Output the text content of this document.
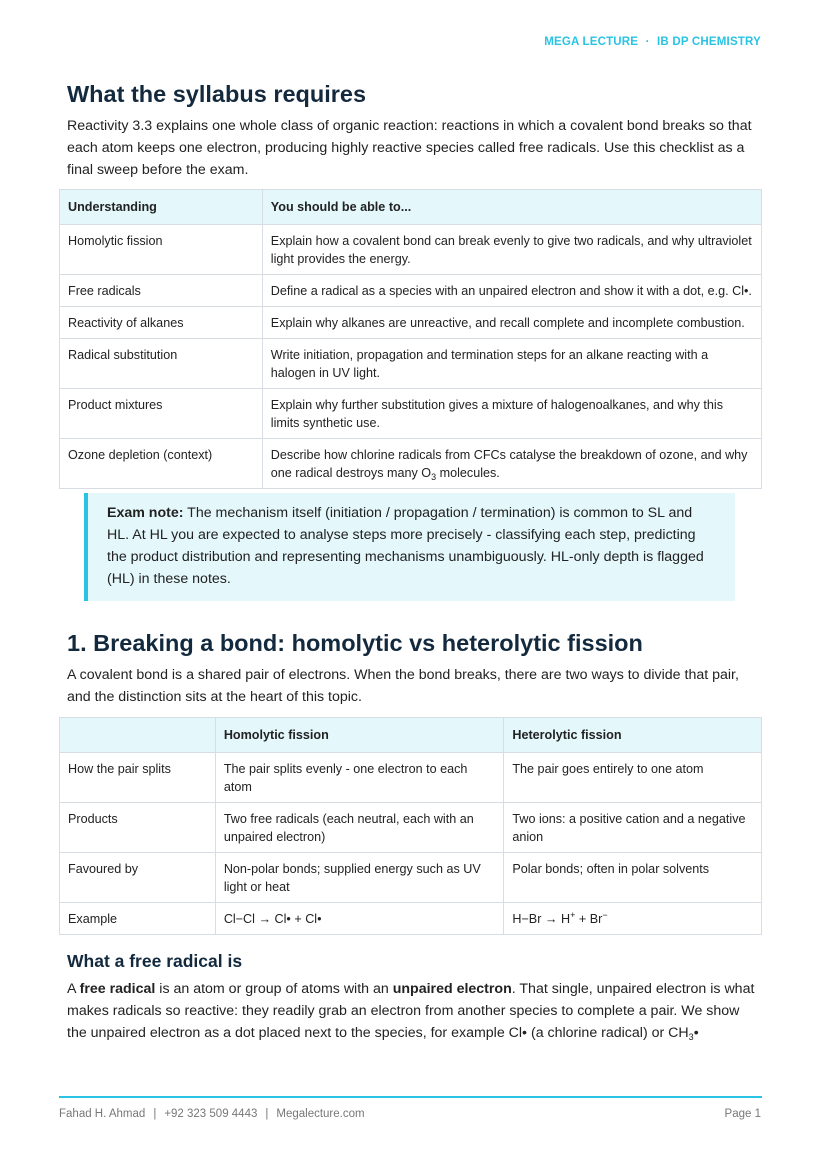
MEGA LECTURE · IB DP CHEMISTRY
What the syllabus requires

Reactivity 3.3 explains one whole class of organic reaction: reactions in which a covalent bond breaks so that each atom keeps one electron, producing highly reactive species called free radicals. Use this checklist as a final sweep before the exam.

Understanding	You should be able to...
Homolytic fission	Explain how a covalent bond can break evenly to give two radicals, and why ultraviolet light provides the energy.
Free radicals	Define a radical as a species with an unpaired electron and show it with a dot, e.g. Cl•.
Reactivity of alkanes	Explain why alkanes are unreactive, and recall complete and incomplete combustion.
Radical substitution	Write initiation, propagation and termination steps for an alkane reacting with a halogen in UV light.
Product mixtures	Explain why further substitution gives a mixture of halogenoalkanes, and why this limits synthetic use.
Ozone depletion (context)	Describe how chlorine radicals from CFCs catalyse the breakdown of ozone, and why one radical destroys many $O_3$ molecules.
Exam note: The mechanism itself (initiation / propagation / termination) is common to SL and HL. At HL you are expected to analyse steps more precisely - classifying each step, predicting the product distribution and representing mechanisms unambiguously. HL-only depth is flagged (HL) in these notes.
1. Breaking a bond: homolytic vs heterolytic fission

A covalent bond is a shared pair of electrons. When the bond breaks, there are two ways to divide that pair, and the distinction sits at the heart of this topic.

	Homolytic fission	Heterolytic fission
How the pair splits	The pair splits evenly - one electron to each atom	The pair goes entirely to one atom
Products	Two free radicals (each neutral, each with an unpaired electron)	Two ions: a positive cation and a negative anion
Favoured by	Non-polar bonds; supplied energy such as UV light or heat	Polar bonds; often in polar solvents
Example	Cl−Cl → Cl• + Cl•	H−Br → H+ + Br−
What a free radical is

A free radical is an atom or group of atoms with an unpaired electron. That single, unpaired electron is what makes radicals so reactive: they readily grab an electron from another species to complete a pair. We show the unpaired electron as a dot placed next to the species, for example Cl• (a chlorine radical) or $CH_3•$

Fahad H. Ahmad | +92 323 509 4443 | Megalecture.com	Page 1
